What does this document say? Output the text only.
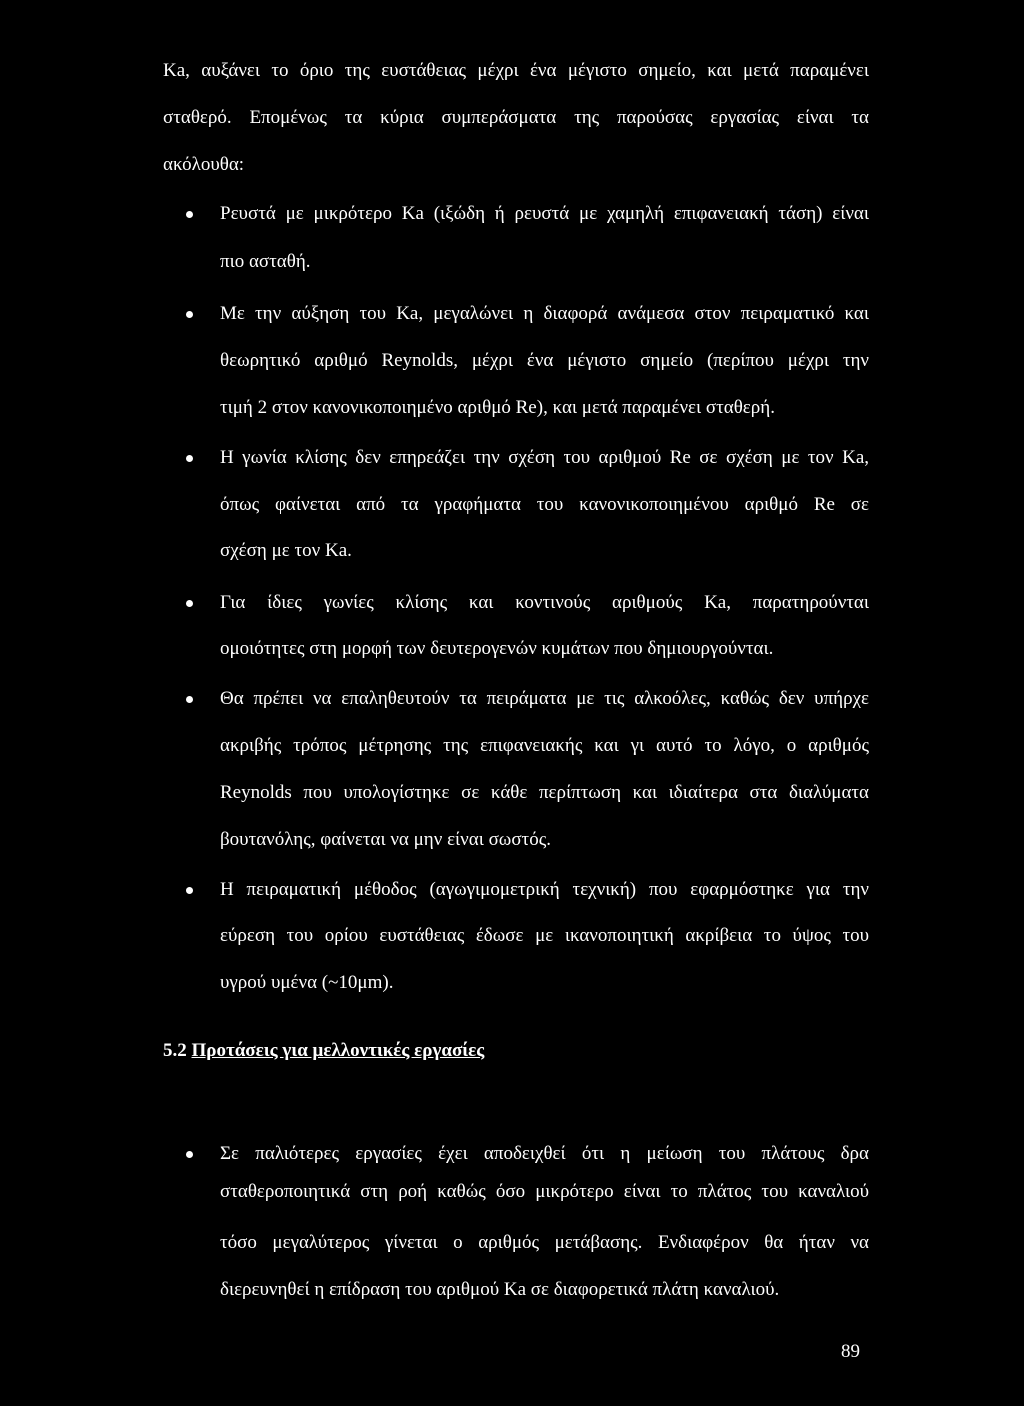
Ka, αυξάνει το όριο της ευστάθειας μέχρι ένα μέγιστο σημείο, και μετά παραμένει
σταθερό. Επομένως τα κύρια συμπεράσματα της παρούσας εργασίας είναι τα
ακόλουθα:
Ρευστά με μικρότερο Ka (ιξώδη ή ρευστά με χαμηλή επιφανειακή τάση) είναι
πιο ασταθή.
Με την αύξηση του Ka, μεγαλώνει η διαφορά ανάμεσα στον πειραματικό και
θεωρητικό αριθμό Reynolds, μέχρι ένα μέγιστο σημείο (περίπου μέχρι την
τιμή 2 στον κανονικοποιημένο αριθμό Re), και μετά παραμένει σταθερή.
Η γωνία κλίσης δεν επηρεάζει την σχέση του αριθμού Re σε σχέση με τον Ka,
όπως φαίνεται από τα γραφήματα του κανονικοποιημένου αριθμό Re σε
σχέση με τον Ka.
Για ίδιες γωνίες κλίσης και κοντινούς αριθμούς Ka, παρατηρούνται
ομοιότητες στη μορφή των δευτερογενών κυμάτων που δημιουργούνται.
Θα πρέπει να επαληθευτούν τα πειράματα με τις αλκοόλες, καθώς δεν υπήρχε
ακριβής τρόπος μέτρησης της επιφανειακής και γι αυτό το λόγο, ο αριθμός
Reynolds που υπολογίστηκε σε κάθε περίπτωση και ιδιαίτερα στα διαλύματα
βουτανόλης, φαίνεται να μην είναι σωστός.
Η πειραματική μέθοδος (αγωγιμομετρική τεχνική) που εφαρμόστηκε για την
εύρεση του ορίου ευστάθειας έδωσε με ικανοποιητική ακρίβεια το ύψος του
υγρού υμένα (~10μm).
5.2 Προτάσεις για μελλοντικές εργασίες
Σε παλιότερες εργασίες έχει αποδειχθεί ότι η μείωση του πλάτους δρα
σταθεροποιητικά στη ροή καθώς όσο μικρότερο είναι το πλάτος του καναλιού
τόσο μεγαλύτερος γίνεται ο αριθμός μετάβασης. Ενδιαφέρον θα ήταν να
διερευνηθεί η επίδραση του αριθμού Ka σε διαφορετικά πλάτη καναλιού.
89
